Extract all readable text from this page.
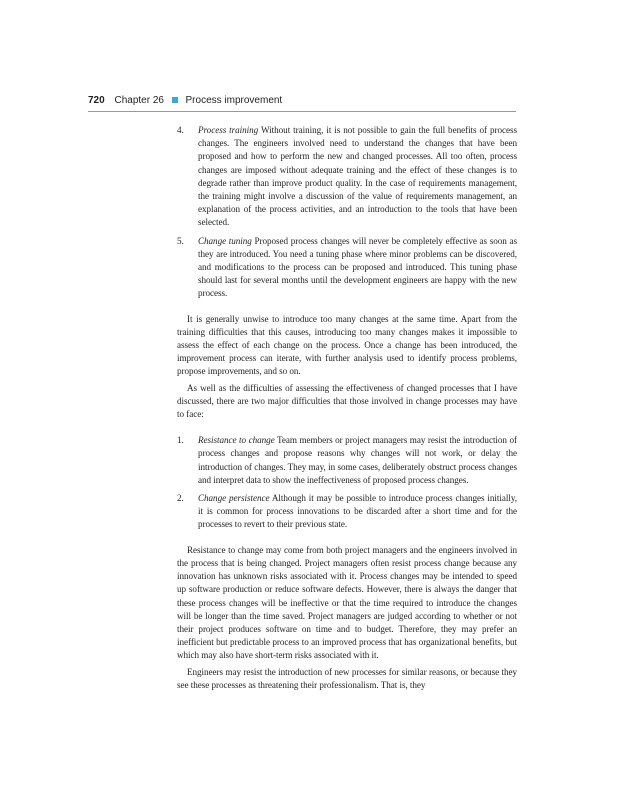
720 Chapter 26 Process improvement

4. Process training Without training, it is not possible to gain the full benefits of process changes. The engineers involved need to understand the changes that have been proposed and how to perform the new and changed processes. All too often, process changes are imposed without adequate training and the effect of these changes is to degrade rather than improve product quality. In the case of requirements management, the training might involve a discussion of the value of requirements management, an explanation of the process activities, and an introduction to the tools that have been selected.

5. Change tuning Proposed process changes will never be completely effective as soon as they are introduced. You need a tuning phase where minor problems can be discovered, and modifications to the process can be proposed and introduced. This tuning phase should last for several months until the development engineers are happy with the new process.

It is generally unwise to introduce too many changes at the same time. Apart from the training difficulties that this causes, introducing too many changes makes it impossible to assess the effect of each change on the process. Once a change has been introduced, the improvement process can iterate, with further analysis used to identify process problems, propose improvements, and so on.

As well as the difficulties of assessing the effectiveness of changed processes that I have discussed, there are two major difficulties that those involved in change processes may have to face:

1. Resistance to change Team members or project managers may resist the introduction of process changes and propose reasons why changes will not work, or delay the introduction of changes. They may, in some cases, deliberately obstruct process changes and interpret data to show the ineffectiveness of proposed process changes.

2. Change persistence Although it may be possible to introduce process changes initially, it is common for process innovations to be discarded after a short time and for the processes to revert to their previous state.

Resistance to change may come from both project managers and the engineers involved in the process that is being changed. Project managers often resist process change because any innovation has unknown risks associated with it. Process changes may be intended to speed up software production or reduce software defects. However, there is always the danger that these process changes will be ineffective or that the time required to introduce the changes will be longer than the time saved. Project managers are judged according to whether or not their project produces software on time and to budget. Therefore, they may prefer an inefficient but predictable process to an improved process that has organizational benefits, but which may also have short-term risks associated with it.

Engineers may resist the introduction of new processes for similar reasons, or because they see these processes as threatening their professionalism. That is, they
